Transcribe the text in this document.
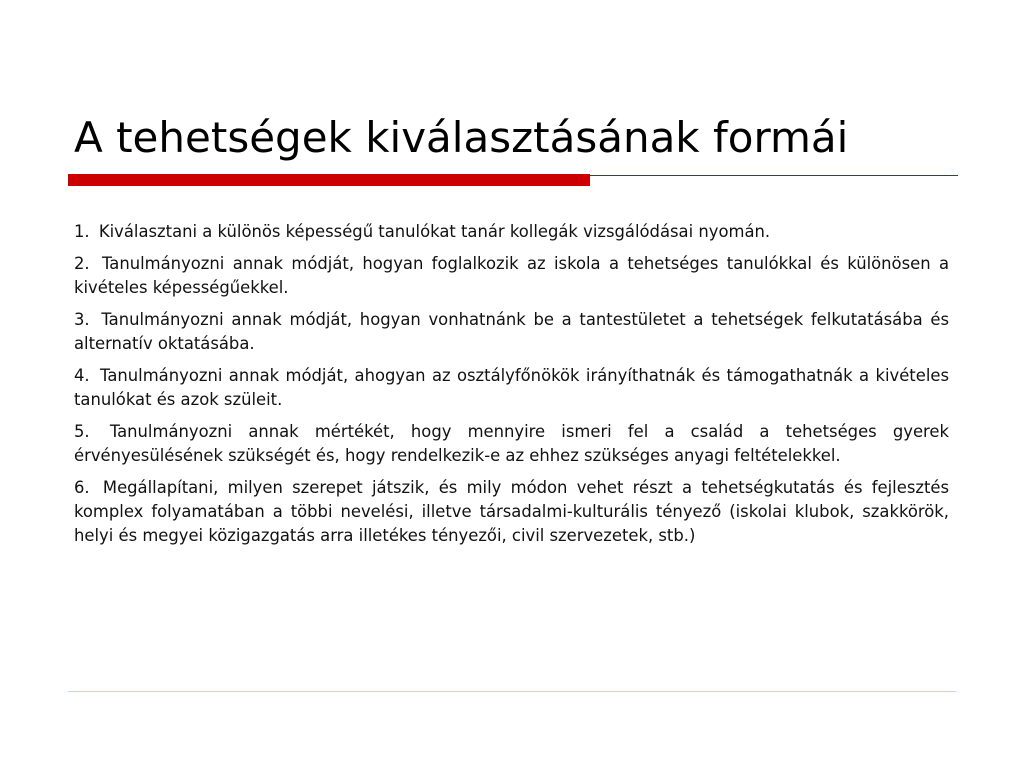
A tehetségek kiválasztásának formái
1. Kiválasztani a különös képességű tanulókat tanár kollegák vizsgálódásai nyomán.
2. Tanulmányozni annak módját, hogyan foglalkozik az iskola a tehetséges tanulókkal és különösen a kivételes képességűekkel.
3. Tanulmányozni annak módját, hogyan vonhatnánk be a tantestületet a tehetségek felkutatásába és alternatív oktatásába.
4. Tanulmányozni annak módját, ahogyan az osztályfőnökök irányíthatnák és támogathatnák a kivételes tanulókat és azok szüleit.
5. Tanulmányozni annak mértékét, hogy mennyire ismeri fel a család a tehetséges gyerek érvényesülésének szükségét és, hogy rendelkezik-e az ehhez szükséges anyagi feltételekkel.
6. Megállapítani, milyen szerepet játszik, és mily módon vehet részt a tehetségkutatás és fejlesztés komplex folyamatában a többi nevelési, illetve társadalmi-kulturális tényező (iskolai klubok, szakkörök, helyi és megyei közigazgatás arra illetékes tényezői, civil szervezetek, stb.)
